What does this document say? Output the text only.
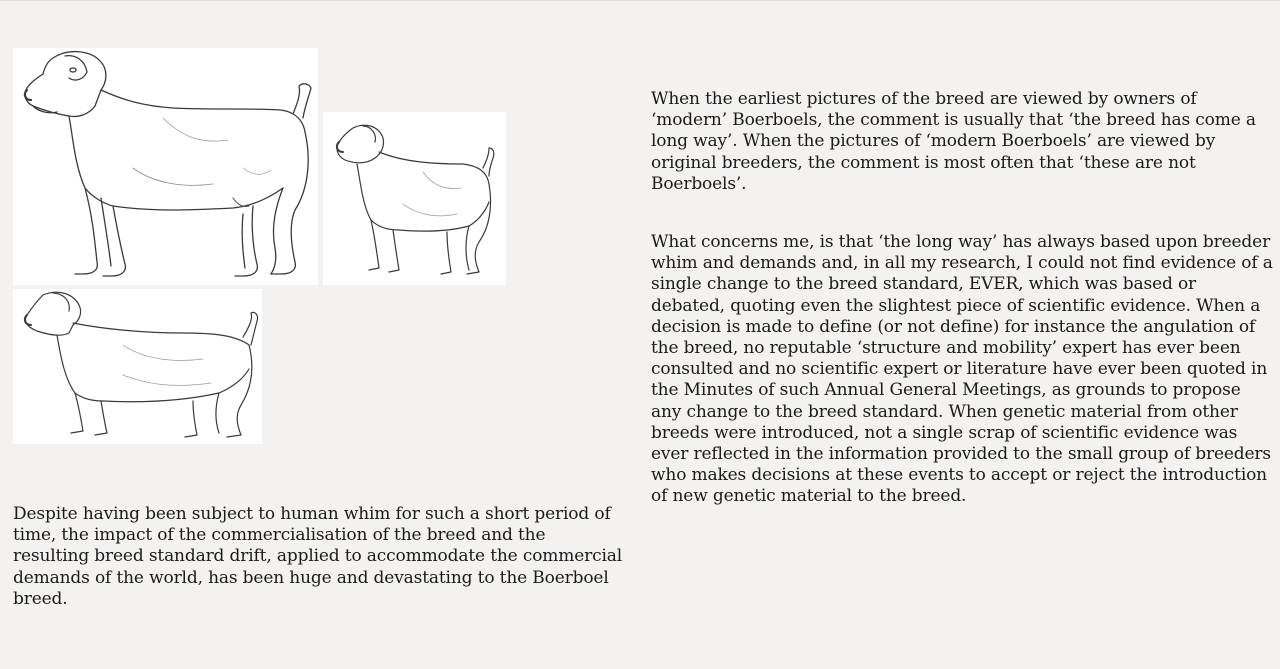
When the earliest pictures of the breed are viewed by owners of ‘modern’ Boerboels, the comment is usually that ‘the breed has come a long way’. When the pictures of ‘modern Boerboels’ are viewed by original breeders, the comment is most often that ‘these are not Boerboels’.

What concerns me, is that ‘the long way’ has always based upon breeder whim and demands and, in all my research, I could not find evidence of a single change to the breed standard, EVER, which was based or debated, quoting even the slightest piece of scientific evidence. When a decision is made to define (or not define) for instance the angulation of the breed, no reputable ‘structure and mobility’ expert has ever been consulted and no scientific expert or literature have ever been quoted in the Minutes of such Annual General Meetings, as grounds to propose any change to the breed standard. When genetic material from other breeds were introduced, not a single scrap of scientific evidence was ever reflected in the information provided to the small group of breeders who makes decisions at these events to accept or reject the introduction of new genetic material to the breed.

Despite having been subject to human whim for such a short period of time, the impact of the commercialisation of the breed and the resulting breed standard drift, applied to accommodate the commercial demands of the world, has been huge and devastating to the Boerboel breed.
